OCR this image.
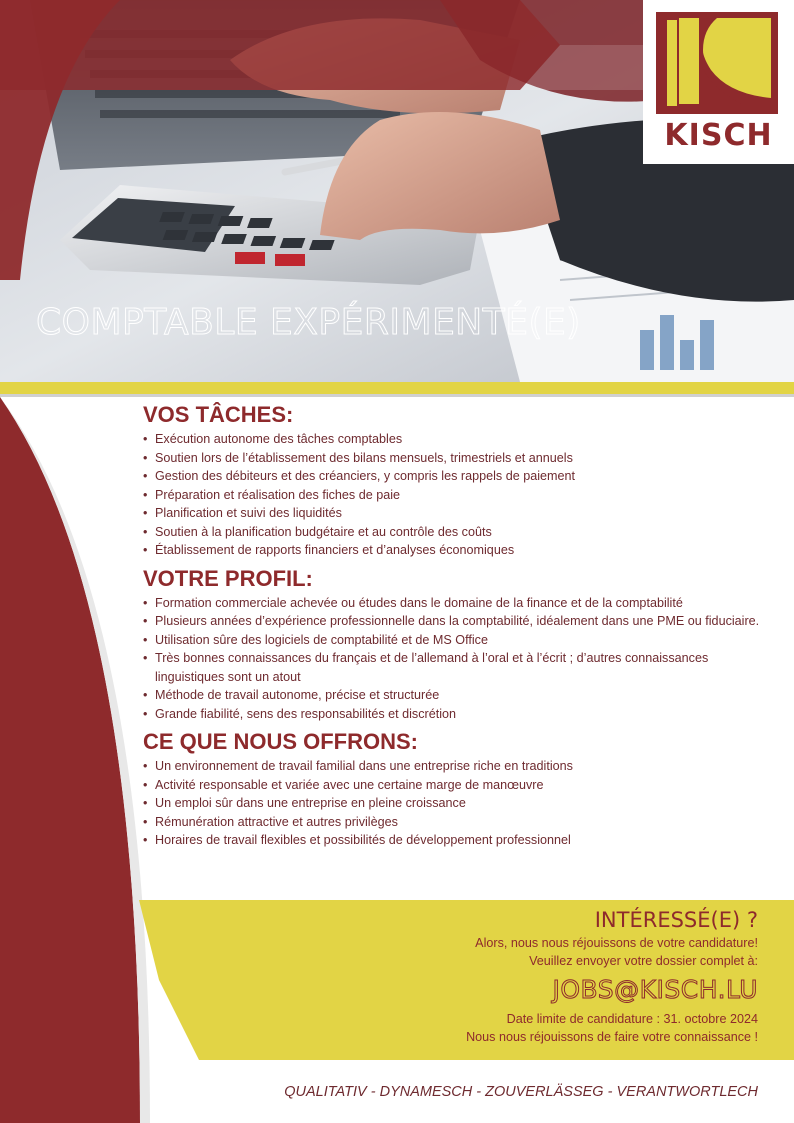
COMPTABLE EXPÉRIMENTÉ(E)
KISCH
VOS TÂCHES:
• Exécution autonome des tâches comptables
• Soutien lors de l’établissement des bilans mensuels, trimestriels et annuels
• Gestion des débiteurs et des créanciers, y compris les rappels de paiement
• Préparation et réalisation des fiches de paie
• Planification et suivi des liquidités
• Soutien à la planification budgétaire et au contrôle des coûts
• Établissement de rapports financiers et d’analyses économiques
VOTRE PROFIL:
• Formation commerciale achevée ou études dans le domaine de la finance et de la comptabilité
• Plusieurs années d’expérience professionnelle dans la comptabilité, idéalement dans une PME ou fiduciaire.
• Utilisation sûre des logiciels de comptabilité et de MS Office
• Très bonnes connaissances du français et de l’allemand à l’oral et à l’écrit ; d’autres connaissances linguistiques sont un atout
• Méthode de travail autonome, précise et structurée
• Grande fiabilité, sens des responsabilités et discrétion
CE QUE NOUS OFFRONS:
• Un environnement de travail familial dans une entreprise riche en traditions
• Activité responsable et variée avec une certaine marge de manœuvre
• Un emploi sûr dans une entreprise en pleine croissance
• Rémunération attractive et autres privilèges
• Horaires de travail flexibles et possibilités de développement professionnel
INTÉRESSÉ(E) ?
Alors, nous nous réjouissons de votre candidature!
Veuillez envoyer votre dossier complet à:
JOBS@KISCH.LU
Date limite de candidature : 31. octobre 2024
Nous nous réjouissons de faire votre connaissance !
QUALITATIV - DYNAMESCH - ZOUVERLÄSSEG - VERANTWORTLECH
